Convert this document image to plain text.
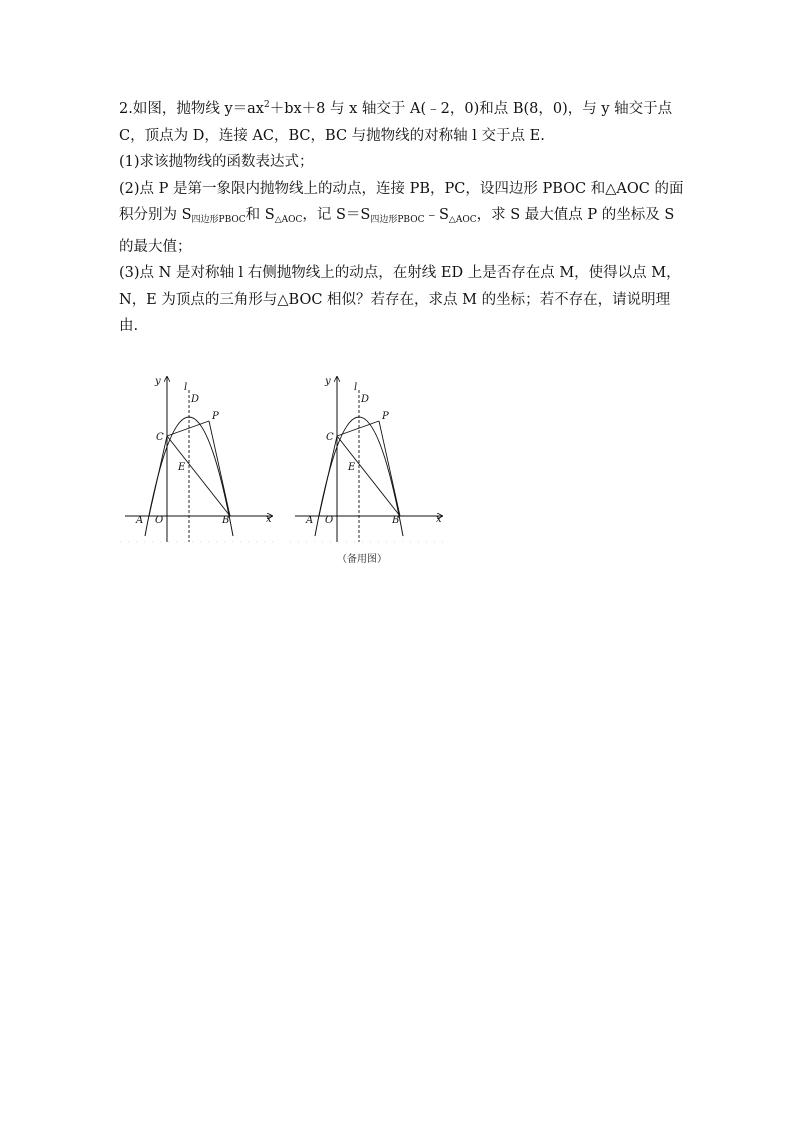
2.如图，抛物线 $y=ax^2+bx+8$ 与 x 轴交于 A(﹣2，0)和点 B(8，0)，与 y 轴交于点

C，顶点为 D，连接 AC，BC，BC 与抛物线的对称轴 l 交于点 E.

(1)求该抛物线的函数表达式；

(2)点 P 是第一象限内抛物线上的动点，连接 PB，PC，设四边形 PBOC 和△AOC 的面

积分别为 $S_{四边形PBOC}$和 $S_{\triangle AOC}$，记 $S=S_{四边形PBOC}﹣S_{\triangle AOC}$，求 S 最大值点 P 的坐标及 S

的最大值；

(3)点 N 是对称轴 l 右侧抛物线上的动点，在射线 ED 上是否存在点 M，使得以点 M，

N，E 为顶点的三角形与△BOC 相似？若存在，求点 M 的坐标；若不存在，请说明理

由.

y
x
l
D
P
C
E
A O	B
y
x
l
D
P
C
E
A O	B
（备用图）
